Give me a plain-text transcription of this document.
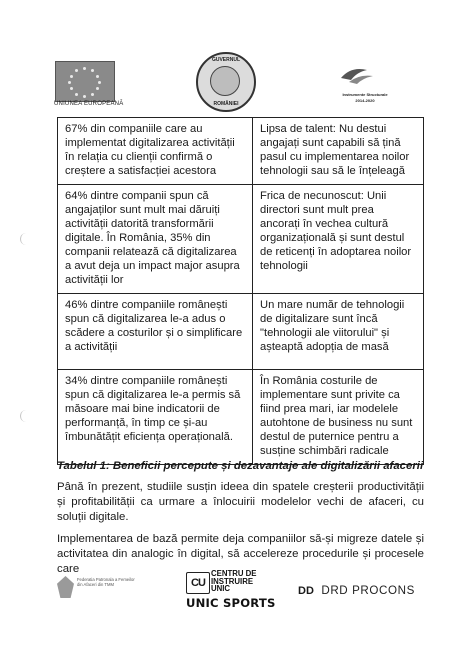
UNIUNEA EUROPEANĂ
GUVERNUL
ROMÂNIEI
Instrumente Structurale
2014-2020
67% din companiile care au implementat digitalizarea activității în relația cu clienții confirmă o creștere a satisfacției acestora	Lipsa de talent: Nu destui angajați sunt capabili să țină pasul cu implementarea noilor tehnologii sau să le înțeleagă
64% dintre companii spun că angajaților sunt mult mai dăruiți activității datorită transformării digitale. În România, 35% din companii relatează că digitalizarea a avut deja un impact major asupra activității lor	Frica de necunoscut: Unii directori sunt mult prea ancorați în vechea cultură organizațională și sunt destul de reticenți în adoptarea noilor tehnologii
46% dintre companiile românești spun că digitalizarea le-a adus o scădere a costurilor și o simplificare a activității	Un mare număr de tehnologii de digitalizare sunt încă "tehnologii ale viitorului" și așteaptă adopția de masă
34% dintre companiile românești spun că digitalizarea le-a permis să măsoare mai bine indicatorii de performanță, în timp ce și-au îmbunătățit eficiența operațională.	În România costurile de implementare sunt privite ca fiind prea mari, iar modelele autohtone de business nu sunt destul de puternice pentru a susține schimbări radicale
Tabelul 1: Beneficii percepute și dezavantaje ale digitalizării afacerii
Până în prezent, studiile susțin ideea din spatele creșterii productivității și profitabilității ca urmare a înlocuirii modelelor vechi de afaceri, cu soluții digitale.
Implementarea de bază permite deja companiilor să-și migreze datele și activitatea din analogic în digital, să accelereze procedurile și procesele care
Federatia Patronala a Femeilor din Afaceri din TMM	CU
CENTRU DE
INSTRUIRE
UNIC
UNIC SPORTS
DD DRD PROCONS
